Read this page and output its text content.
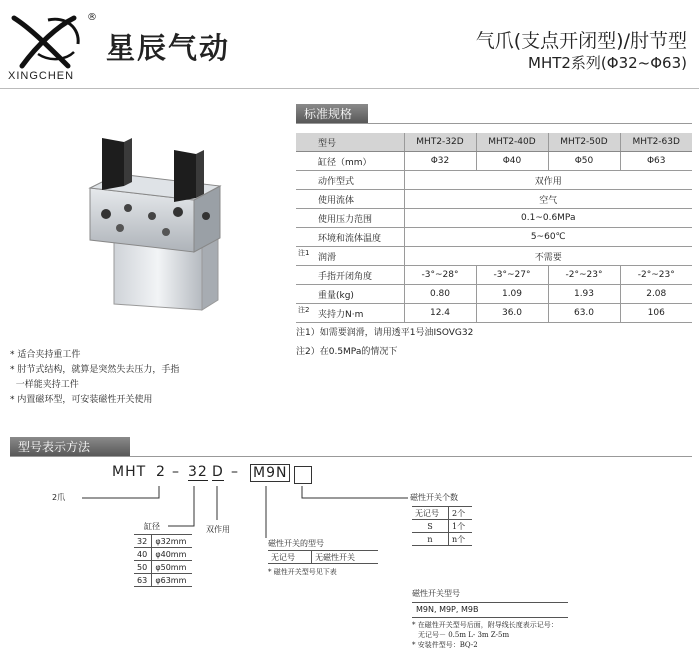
®
XINGCHEN
星辰气动	气爪(支点开闭型)/肘节型
MHT2系列(Φ32~Φ63)
标准规格
型号	MHT2-32D	MHT2-40D	MHT2-50D	MHT2-63D
缸径（mm）	Φ32	Φ40	Φ50	Φ63
动作型式	双作用			
使用流体	空气			
使用压力范围	0.1~0.6MPa			
环境和流体温度	5~60℃			

注1 润滑	不需要			
手指开闭角度	-3°~28°	-3°~27°	-2°~23°	-2°~23°
重量(kg)	0.80	1.09	1.93	2.08

注2 夹持力N·m	12.4	36.0	63.0	106
注1）如需要润滑，请用透平1号油ISOVG32
注2）在0.5MPa的情况下
* 适合夹持重工件
* 肘节式结构，就算是突然失去压力，手指
一样能夹持工件
* 内置磁环型，可安装磁性开关使用
型号表示方法
MHT 2 – 32 D – M9N
2爪
双作用
缸径
32	φ32mm
40	φ40mm
50	φ50mm
63	φ63mm
磁性开关的型号
无记号	无磁性开关
* 磁性开关型号见下表
磁性开关个数
无记号	2个
S	1个
n	n个
磁性开关型号
M9N, M9P, M9B
* 在磁性开关型号后面，附导线长度表示记号：
无记号－ 0.5m L- 3m Z-5m
* 安装件型号：BQ-2
